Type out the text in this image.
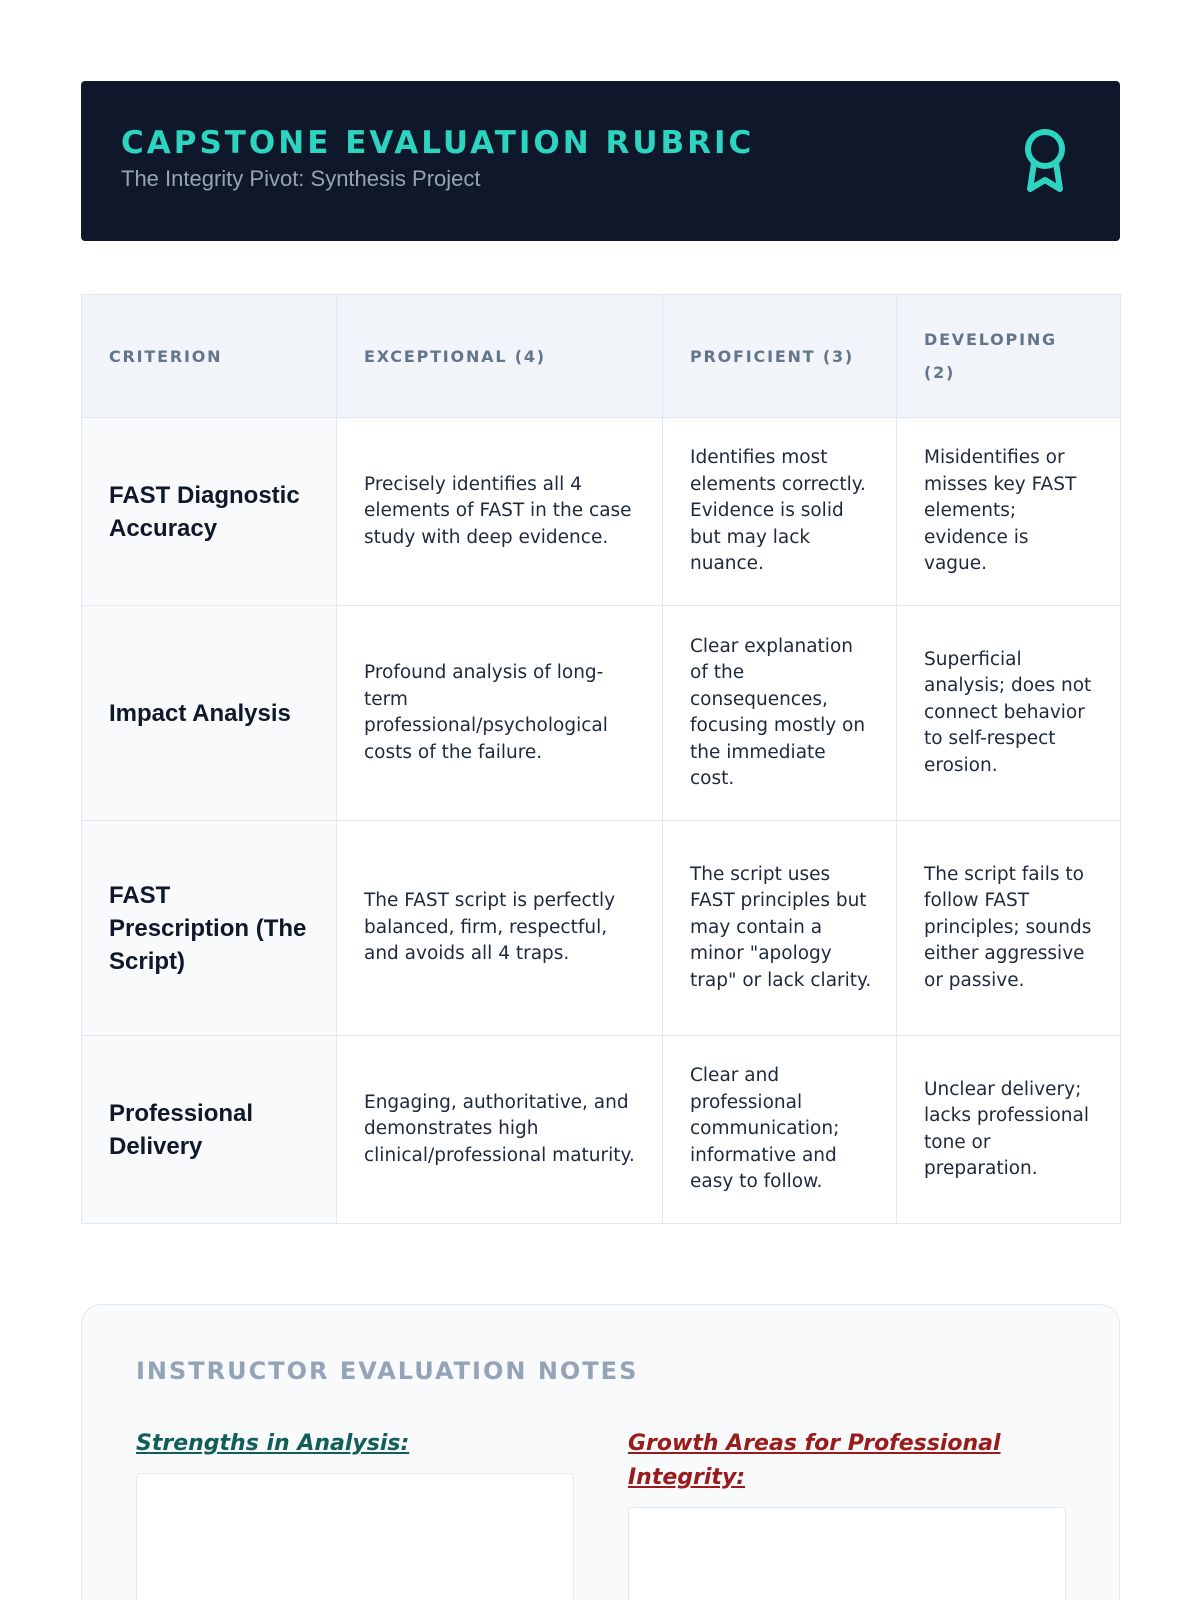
CAPSTONE EVALUATION RUBRIC
The Integrity Pivot: Synthesis Project
CRITERION	EXCEPTIONAL (4)	PROFICIENT (3)	DEVELOPING (2)
FAST Diagnostic Accuracy	Precisely identifies all 4 elements of FAST in the case study with deep evidence.	Identifies most elements correctly. Evidence is solid but may lack nuance.	Misidentifies or misses key FAST elements; evidence is vague.
Impact Analysis	Profound analysis of long-term professional/psychological costs of the failure.	Clear explanation of the consequences, focusing mostly on the immediate cost.	Superficial analysis; does not connect behavior to self-respect erosion.
FAST Prescription (The Script)	The FAST script is perfectly balanced, firm, respectful, and avoids all 4 traps.	The script uses FAST principles but may contain a minor "apology trap" or lack clarity.	The script fails to follow FAST principles; sounds either aggressive or passive.
Professional Delivery	Engaging, authoritative, and demonstrates high clinical/professional maturity.	Clear and professional communication; informative and easy to follow.	Unclear delivery; lacks professional tone or preparation.
INSTRUCTOR EVALUATION NOTES
Strengths in Analysis:	Growth Areas for Professional Integrity:
